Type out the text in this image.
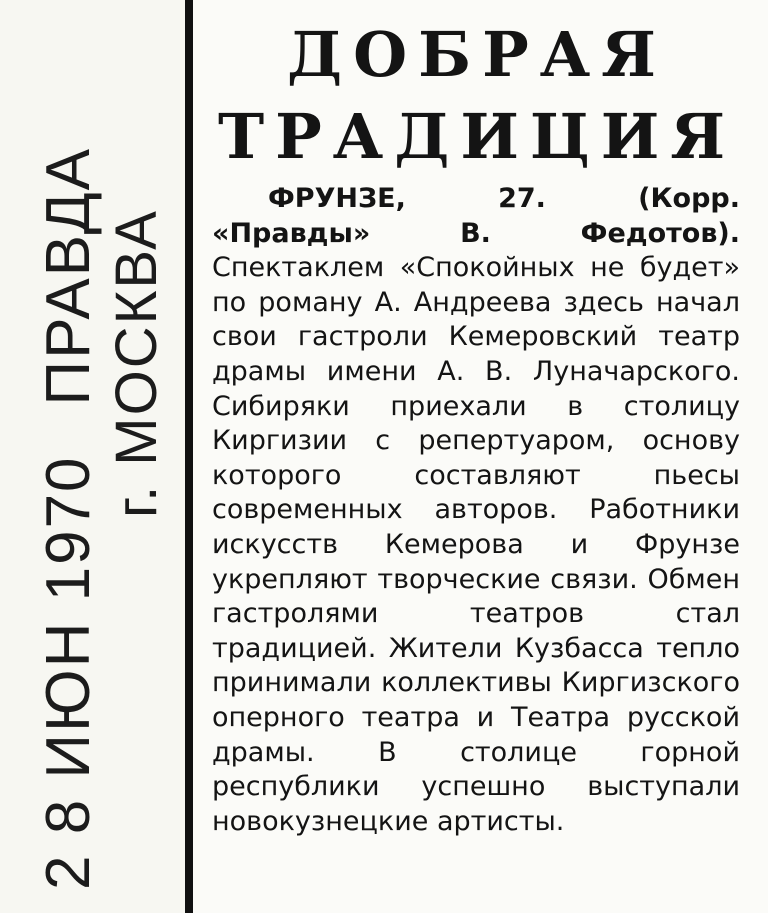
2 8 ИЮН 1970ПРАВДА г. МОСКВА
ДОБРАЯ
ТРАДИЦИЯ

ФРУНЗЕ, 27. (Корр. «Правды» В. Федотов). Спектаклем «Спокойных не будет» по роману А. Андреева здесь начал свои гастроли Кемеровский театр драмы имени А. В. Луначарского. Сибиряки приехали в столицу Киргизии с репертуаром, основу которого составляют пьесы современных авторов. Работники искусств Кемерова и Фрунзе укрепляют творческие связи. Обмен гастролями театров стал традицией. Жители Кузбасса тепло принимали коллективы Киргизского оперного театра и Театра русской драмы. В столице горной республики успешно выступали новокузнецкие артисты.
